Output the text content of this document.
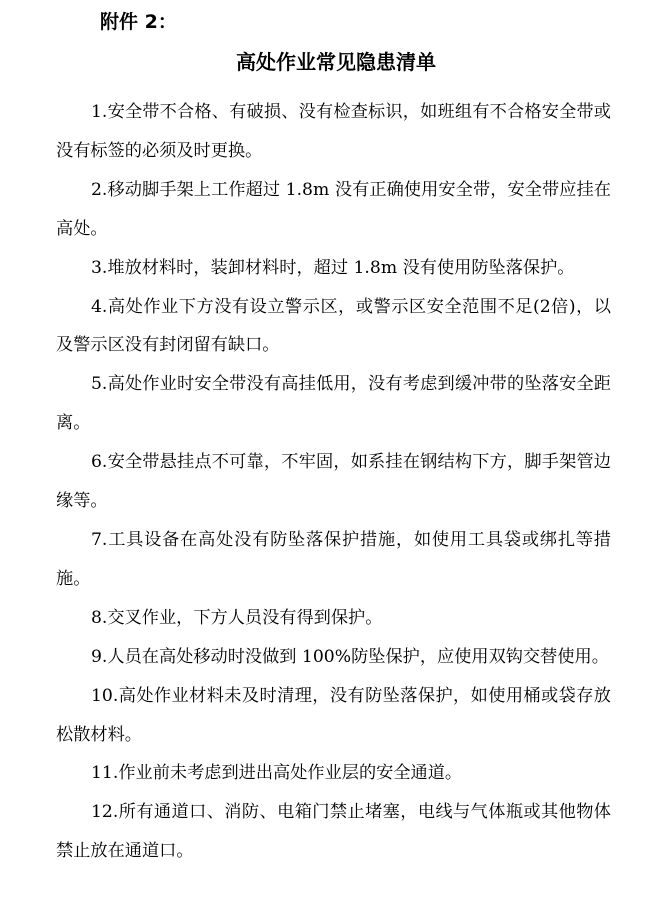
附件 2：
高处作业常见隐患清单

1.安全带不合格、有破损、没有检查标识，如班组有不合格安全带或没有标签的必须及时更换。

2.移动脚手架上工作超过 1.8m 没有正确使用安全带，安全带应挂在高处。

3.堆放材料时，装卸材料时，超过 1.8m 没有使用防坠落保护。

4.高处作业下方没有设立警示区，或警示区安全范围不足(2倍)，以及警示区没有封闭留有缺口。

5.高处作业时安全带没有高挂低用，没有考虑到缓冲带的坠落安全距离。

6.安全带悬挂点不可靠，不牢固，如系挂在钢结构下方，脚手架管边缘等。

7.工具设备在高处没有防坠落保护措施，如使用工具袋或绑扎等措施。

8.交叉作业，下方人员没有得到保护。

9.人员在高处移动时没做到 100%防坠保护，应使用双钩交替使用。

10.高处作业材料未及时清理，没有防坠落保护，如使用桶或袋存放松散材料。

11.作业前未考虑到进出高处作业层的安全通道。

12.所有通道口、消防、电箱门禁止堵塞，电线与气体瓶或其他物体禁止放在通道口。
